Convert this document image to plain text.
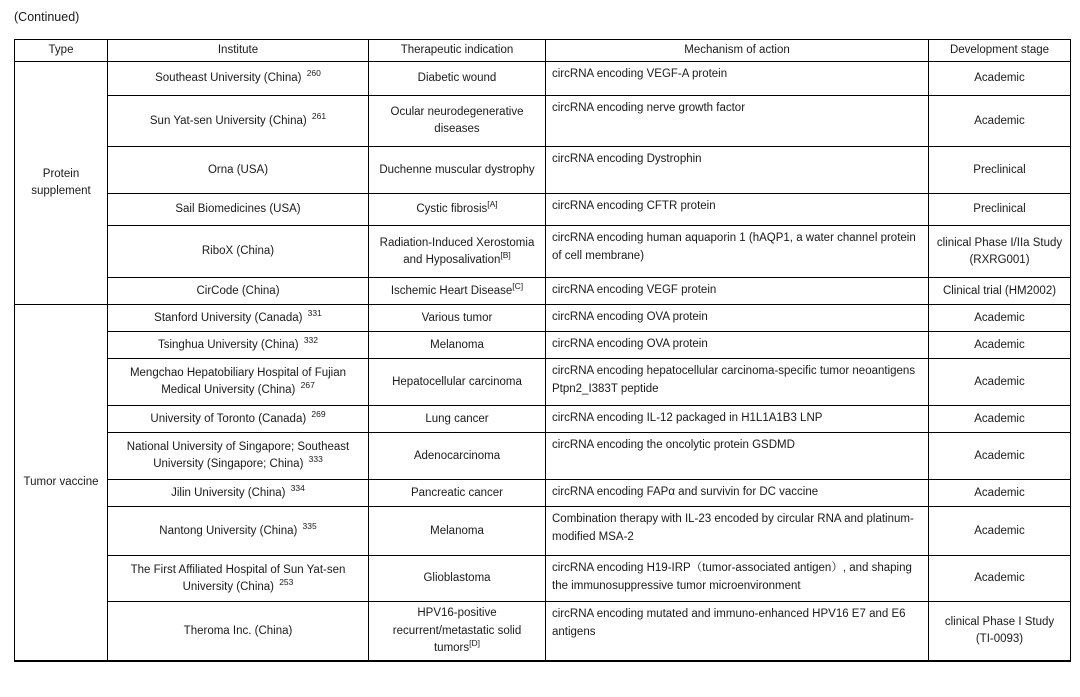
(Continued)
Type	Institute	Therapeutic indication	Mechanism of action	Development stage
Protein supplement	Southeast University (China) $^{260}$	Diabetic wound	circRNA encoding VEGF-A protein	Academic
	Sun Yat-sen University (China) $^{261}$	Ocular neurodegenerative diseases	circRNA encoding nerve growth factor	Academic
	Orna (USA)	Duchenne muscular dystrophy	circRNA encoding Dystrophin	Preclinical
	Sail Biomedicines (USA)	Cystic fibrosis[A]	circRNA encoding CFTR protein	Preclinical
	RiboX (China)	Radiation-Induced Xerostomia and Hyposalivation[B]	circRNA encoding human aquaporin 1 (hAQP1, a water channel protein of cell membrane)	clinical Phase I/IIa Study (RXRG001)
	CirCode (China)	Ischemic Heart Disease[C]	circRNA encoding VEGF protein	Clinical trial (HM2002)
Tumor vaccine	Stanford University (Canada) $^{331}$	Various tumor	circRNA encoding OVA protein	Academic
	Tsinghua University (China) $^{332}$	Melanoma	circRNA encoding OVA protein	Academic
	Mengchao Hepatobiliary Hospital of Fujian Medical University (China) $^{267}$	Hepatocellular carcinoma	circRNA encoding hepatocellular carcinoma-specific tumor neoantigens Ptpn2_I383T peptide	Academic
	University of Toronto (Canada) $^{269}$	Lung cancer	circRNA encoding IL-12 packaged in H1L1A1B3 LNP	Academic
	National University of Singapore; Southeast University (Singapore; China) $^{333}$	Adenocarcinoma	circRNA encoding the oncolytic protein GSDMD	Academic
	Jilin University (China) $^{334}$	Pancreatic cancer	circRNA encoding FAPα and survivin for DC vaccine	Academic
	Nantong University (China) $^{335}$	Melanoma	Combination therapy with IL-23 encoded by circular RNA and platinum-modified MSA-2	Academic
	The First Affiliated Hospital of Sun Yat-sen University (China) $^{253}$	Glioblastoma	circRNA encoding H19-IRP（tumor-associated antigen）, and shaping the immunosuppressive tumor microenvironment	Academic
	Theroma Inc. (China)	HPV16-positive recurrent/metastatic solid tumors[D]	circRNA encoding mutated and immuno-enhanced HPV16 E7 and E6 antigens	clinical Phase I Study (TI-0093)
